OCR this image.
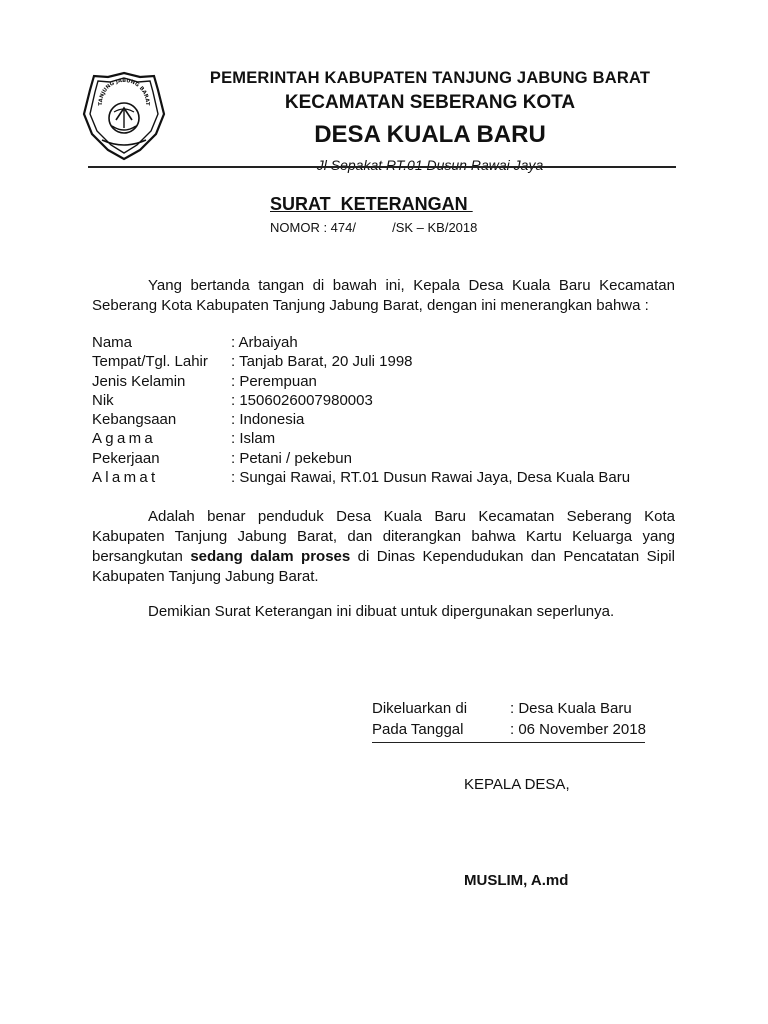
TANJUNG JABUNG BARAT
PEMERINTAH KABUPATEN TANJUNG JABUNG BARAT
KECAMATAN SEBERANG KOTA
DESA KUALA BARU
Jl Sepakat RT.01 Dusun Rawai Jaya
SURAT  KETERANGAN
NOMOR : 474/          /SK – KB/2018
Yang bertanda tangan di bawah ini, Kepala Desa Kuala Baru Kecamatan Seberang Kota Kabupaten Tanjung Jabung Barat, dengan ini menerangkan bahwa :
Nama	: Arbaiyah
Tempat/Tgl. Lahir	: Tanjab Barat, 20 Juli 1998
Jenis Kelamin	: Perempuan
Nik	: 1506026007980003
Kebangsaan	: Indonesia
Agama	: Islam
Pekerjaan	: Petani / pekebun
Alamat	: Sungai Rawai, RT.01 Dusun Rawai Jaya, Desa Kuala Baru
Adalah benar penduduk Desa Kuala Baru Kecamatan Seberang Kota Kabupaten Tanjung Jabung Barat, dan diterangkan bahwa Kartu Keluarga yang bersangkutan sedang dalam proses di Dinas Kependudukan dan Pencatatan Sipil Kabupaten Tanjung Jabung Barat.
Demikian Surat Keterangan ini dibuat untuk dipergunakan seperlunya.
Dikeluarkan di	: Desa Kuala Baru
Pada Tanggal	: 06 November 2018
KEPALA DESA,
MUSLIM, A.md
